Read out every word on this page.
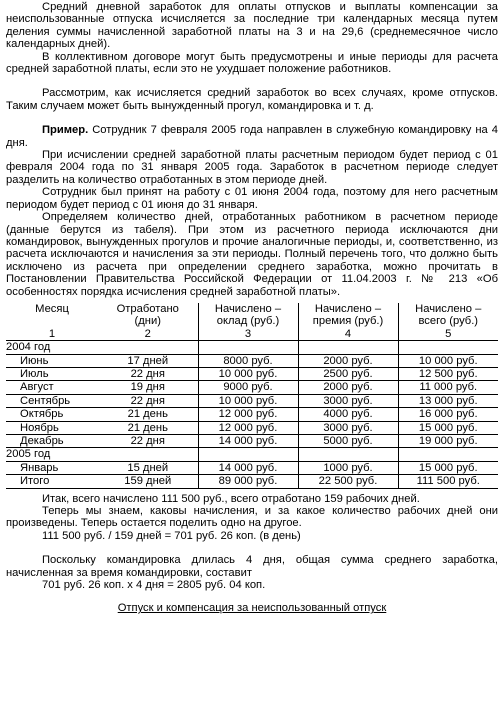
Средний дневной заработок для оплаты отпусков и выплаты компенсации за неиспользованные отпуска исчисляется за последние три календарных месяца путем деления суммы начисленной заработной платы на 3 и на 29,6 (среднемесячное число календарных дней).

В коллективном договоре могут быть предусмотрены и иные периоды для расчета средней заработной платы, если это не ухудшает положение работников.

Рассмотрим, как исчисляется средний заработок во всех случаях, кроме отпусков. Таким случаем может быть вынужденный прогул, командировка и т. д.

Пример. Сотрудник 7 февраля 2005 года направлен в служебную командировку на 4 дня.

При исчислении средней заработной платы расчетным периодом будет период с 01 февраля 2004 года по 31 января 2005 года. Заработок в расчетном периоде следует разделить на количество отработанных в этом периоде дней.

Сотрудник был принят на работу с 01 июня 2004 года, поэтому для него расчетным периодом будет период с 01 июня до 31 января.

Определяем количество дней, отработанных работником в расчетном периоде (данные берутся из табеля). При этом из расчетного периода исключаются дни командировок, вынужденных прогулов и прочие аналогичные периоды, и, соответственно, из расчета исключаются и начисления за эти периоды. Полный перечень того, что должно быть исключено из расчета при определении среднего заработка, можно прочитать в Постановлении Правительства Российской Федерации от 11.04.2003 г. № 213 «Об особенностях порядка исчисления средней заработной платы».

Месяц	Отработано	Начислено –	Начислено –	Начислено –
	(дни)	оклад (руб.)	премия (руб.)	всего (руб.)
1	2	3	4	5
2004 год				
Июнь	17 дней	8000 руб.	2000 руб.	10 000 руб.
Июль	22 дня	10 000 руб.	2500 руб.	12 500 руб.
Август	19 дня	9000 руб.	2000 руб.	11 000 руб.
Сентябрь	22 дня	10 000 руб.	3000 руб.	13 000 руб.
Октябрь	21 день	12 000 руб.	4000 руб.	16 000 руб.
Ноябрь	21 день	12 000 руб.	3000 руб.	15 000 руб.
Декабрь	22 дня	14 000 руб.	5000 руб.	19 000 руб.
2005 год				
Январь	15 дней	14 000 руб.	1000 руб.	15 000 руб.
Итого	159 дней	89 000 руб.	22 500 руб.	111 500 руб.

Итак, всего начислено 111 500 руб., всего отработано 159 рабочих дней.

Теперь мы знаем, каковы начисления, и за какое количество рабочих дней они произведены. Теперь остается поделить одно на другое.

111 500 руб. / 159 дней = 701 руб. 26 коп. (в день)

Поскольку командировка длилась 4 дня, общая сумма среднего заработка, начисленная за время командировки, составит

701 руб. 26 коп. х 4 дня = 2805 руб. 04 коп.

Отпуск и компенсация за неиспользованный отпуск
